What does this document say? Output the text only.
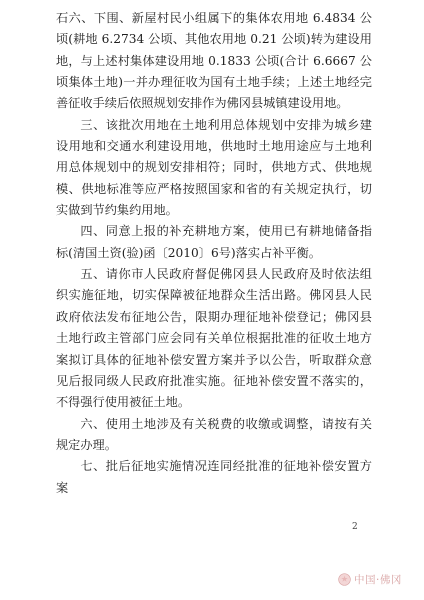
石六、下围、新屋村民小组属下的集体农用地 6.4834 公顷(耕地 6.2734 公顷、其他农用地 0.21 公顷)转为建设用地，与上述村集体建设用地 0.1833 公顷(合计 6.6667 公顷集体土地)一并办理征收为国有土地手续；上述土地经完善征收手续后依照规划安排作为佛冈县城镇建设用地。

三、该批次用地在土地利用总体规划中安排为城乡建设用地和交通水利建设用地，供地时土地用途应与土地利用总体规划中的规划安排相符；同时，供地方式、供地规模、供地标准等应严格按照国家和省的有关规定执行，切实做到节约集约用地。

四、同意上报的补充耕地方案，使用已有耕地储备指标(清国土资(验)函〔2010〕6号)落实占补平衡。

五、请你市人民政府督促佛冈县人民政府及时依法组织实施征地，切实保障被征地群众生活出路。佛冈县人民政府依法发布征地公告，限期办理征地补偿登记；佛冈县土地行政主管部门应会同有关单位根据批准的征收土地方案拟订具体的征地补偿安置方案并予以公告，听取群众意见后报同级人民政府批准实施。征地补偿安置不落实的，不得强行使用被征土地。

六、使用土地涉及有关税费的收缴或调整，请按有关规定办理。

七、批后征地实施情况连同经批准的征地补偿安置方案

2
中国·佛冈
